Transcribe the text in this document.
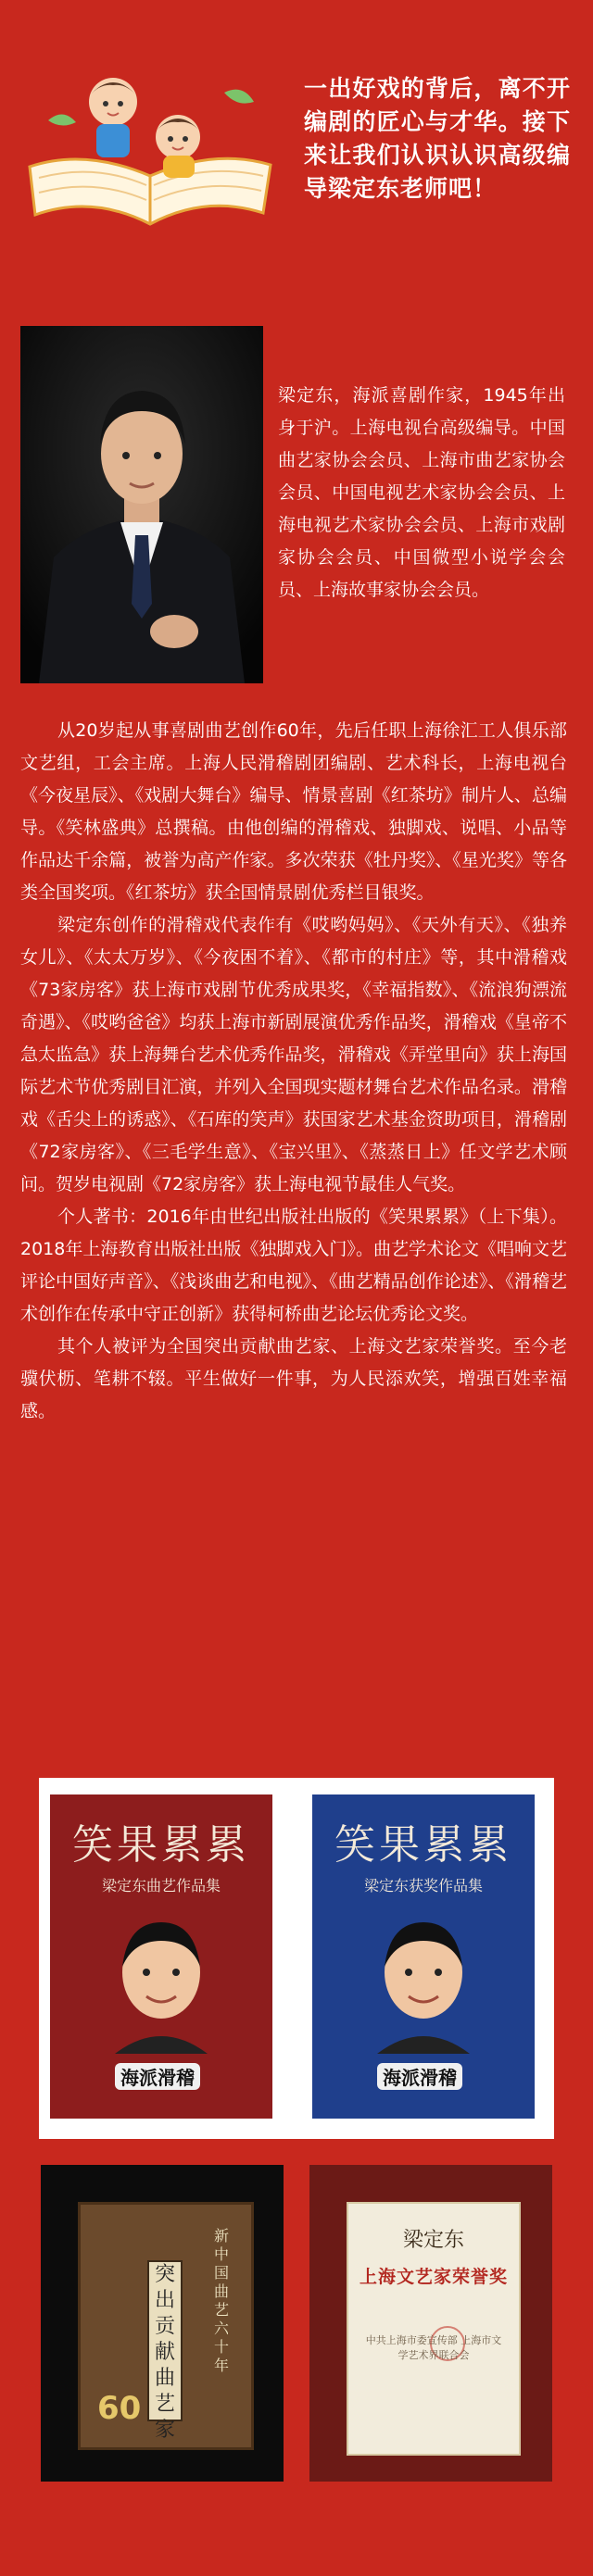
一出好戏的背后，离不开编剧的匠心与才华。接下来让我们认识认识高级编导梁定东老师吧！
梁定东，海派喜剧作家，1945年出身于沪。上海电视台高级编导。中国曲艺家协会会员、上海市曲艺家协会会员、中国电视艺术家协会会员、上海电视艺术家协会会员、上海市戏剧家协会会员、中国微型小说学会会员、上海故事家协会会员。

从20岁起从事喜剧曲艺创作60年，先后任职上海徐汇工人俱乐部文艺组，工会主席。上海人民滑稽剧团编剧、艺术科长，上海电视台《今夜星辰》、《戏剧大舞台》编导、情景喜剧《红茶坊》制片人、总编导。《笑林盛典》总撰稿。由他创编的滑稽戏、独脚戏、说唱、小品等作品达千余篇，被誉为高产作家。多次荣获《牡丹奖》、《星光奖》等各类全国奖项。《红茶坊》获全国情景剧优秀栏目银奖。

梁定东创作的滑稽戏代表作有《哎哟妈妈》、《天外有天》、《独养女儿》、《太太万岁》、《今夜困不着》、《都市的村庄》等，其中滑稽戏《73家房客》获上海市戏剧节优秀成果奖，《幸福指数》、《流浪狗漂流奇遇》、《哎哟爸爸》均获上海市新剧展演优秀作品奖，滑稽戏《皇帝不急太监急》获上海舞台艺术优秀作品奖，滑稽戏《弄堂里向》获上海国际艺术节优秀剧目汇演，并列入全国现实题材舞台艺术作品名录。滑稽戏《舌尖上的诱惑》、《石库的笑声》获国家艺术基金资助项目，滑稽剧《72家房客》、《三毛学生意》、《宝兴里》、《蒸蒸日上》任文学艺术顾问。贺岁电视剧《72家房客》获上海电视节最佳人气奖。

个人著书：2016年由世纪出版社出版的《笑果累累》（上下集）。2018年上海教育出版社出版《独脚戏入门》。曲艺学术论文《唱响文艺评论中国好声音》、《浅谈曲艺和电视》、《曲艺精品创作论述》、《滑稽艺术创作在传承中守正创新》获得柯桥曲艺论坛优秀论文奖。

其个人被评为全国突出贡献曲艺家、上海文艺家荣誉奖。至今老骥伏枥、笔耕不辍。平生做好一件事，为人民添欢笑，增强百姓幸福感。

笑果累累
梁定东曲艺作品集
海派滑稽
笑果累累
梁定东获奖作品集
海派滑稽
突出贡献曲艺家
新中国曲艺六十年
60
梁定东
上海文艺家荣誉奖
中共上海市委宣传部 上海市文学艺术界联合会
